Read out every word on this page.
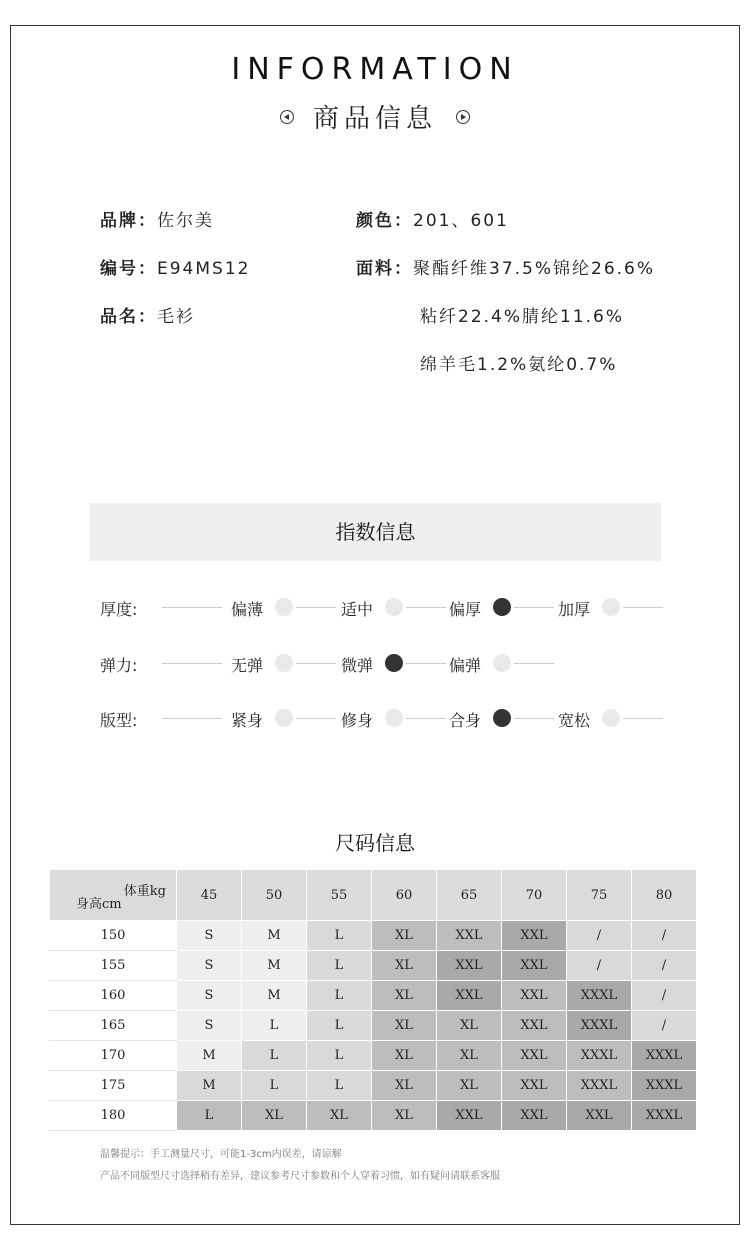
INFORMATION
商品信息
品牌：佐尔美
编号：E94MS12
品名：毛衫
颜色：201、601
面料：聚酯纤维37.5%锦纶26.6%
粘纤22.4%腈纶11.6%
绵羊毛1.2%氨纶0.7%
指数信息
厚度:	偏薄	适中	偏厚	加厚
弹力:	无弹	微弹	偏弹
版型:	紧身	修身	合身	宽松
尺码信息
体重kg
身高cm	45	50	55	60	65	70	75	80
150	S	M	L	XL	XXL	XXL	/	/
155	S	M	L	XL	XXL	XXL	/	/
160	S	M	L	XL	XXL	XXL	XXXL	/
165	S	L	L	XL	XL	XXL	XXXL	/
170	M	L	L	XL	XL	XXL	XXXL	XXXL
175	M	L	L	XL	XL	XXL	XXXL	XXXL
180	L	XL	XL	XL	XXL	XXL	XXL	XXXL
温馨提示：手工测量尺寸，可能1-3cm内误差，请谅解
产品不同版型尺寸选择稍有差异，建议参考尺寸参数和个人穿着习惯，如有疑问请联系客服
